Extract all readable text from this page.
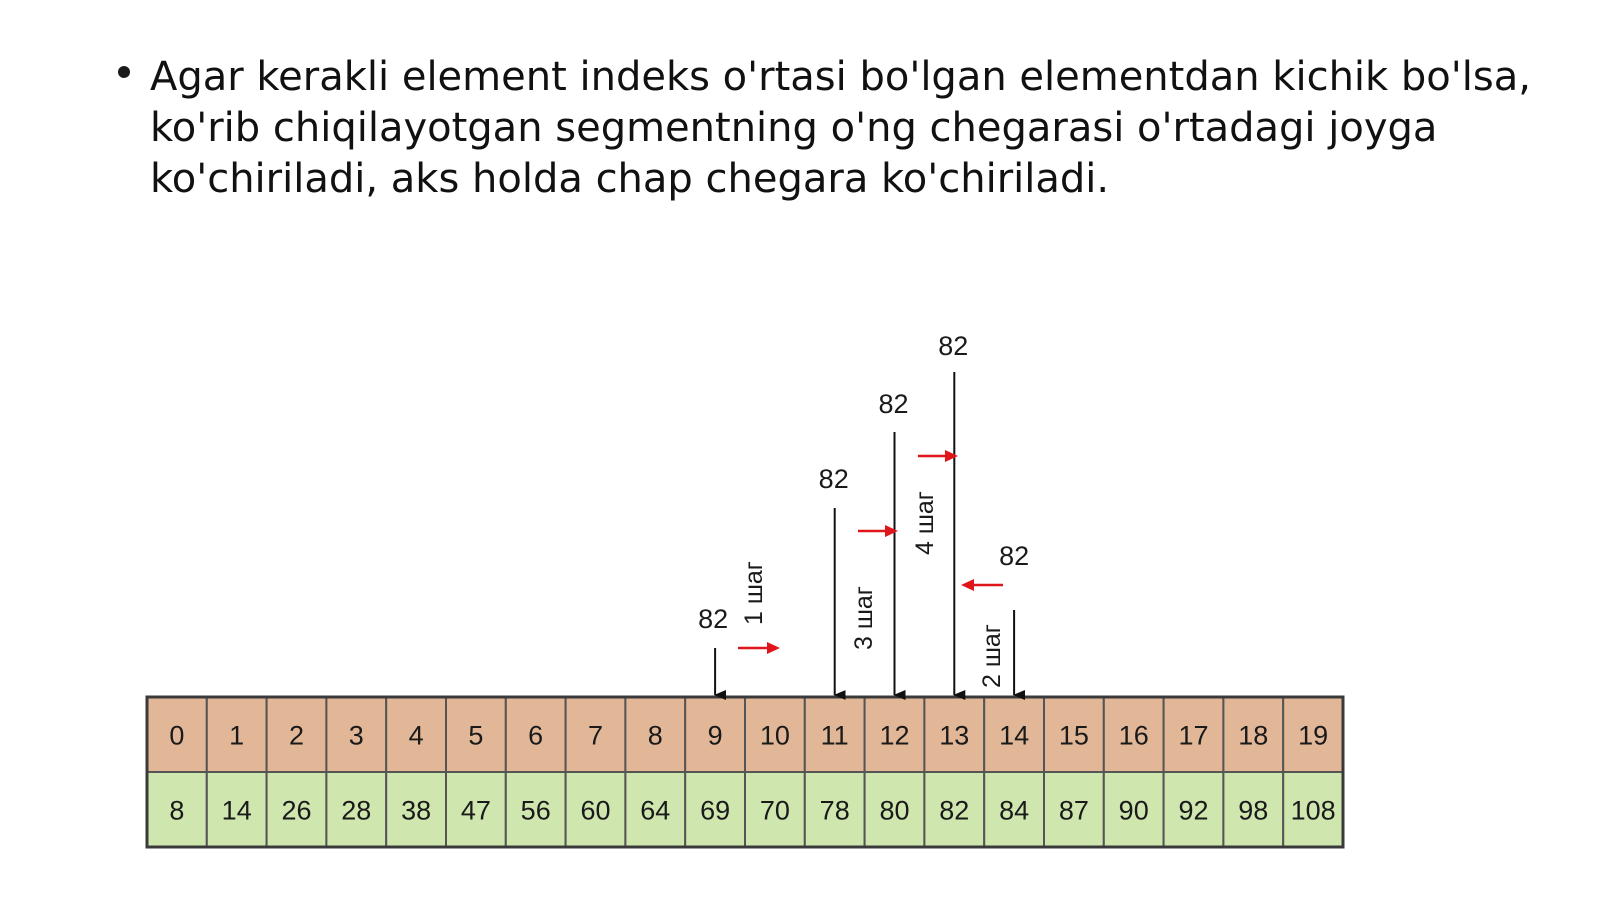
Agar kerakli element indeks o'rtasi bo'lgan elementdan kichik bo'lsa, ko'rib chiqilayotgan segmentning o'ng chegarasi o'rtadagi joyga ko'chiriladi, aks holda chap chegara ko'chiriladi.

0
8
1
14
2
26
3
28
4
38
5
47
6
56
7
60
8
64
9
69
10
70
11
78
12
80
13
82
14
84
15
87
16
90
17
92
18
98
19
108
82
82
82
82
82
1 шаг
2 шаг
3 шаг
4 шаг
